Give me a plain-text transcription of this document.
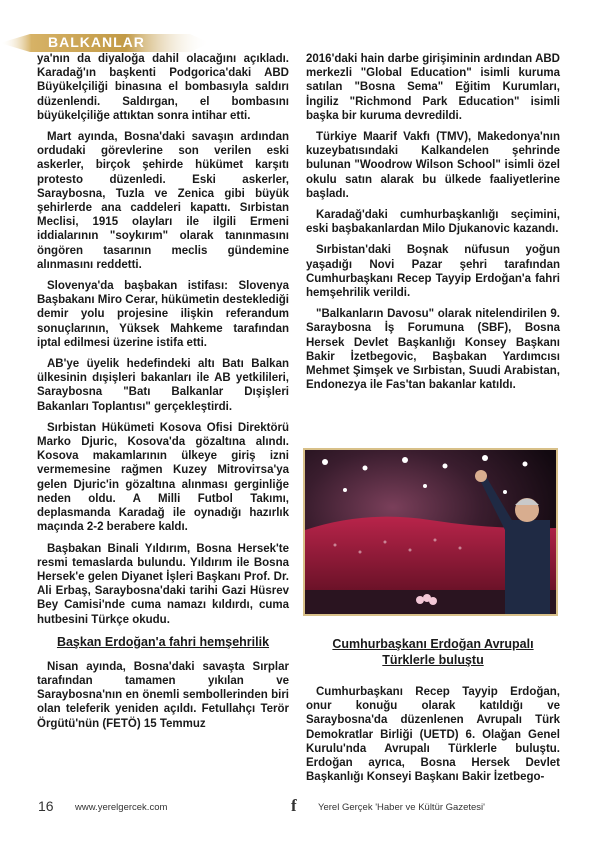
BALKANLAR

ya'nın da diyaloğa dahil olacağını açıkladı. Karadağ'ın başkenti Podgorica'daki ABD Büyükelçiliği binasına el bombasıyla saldırı düzenlendi. Saldırgan, el bombasını büyükelçiliğe attıktan sonra intihar etti.

Mart ayında, Bosna'daki savaşın ardından ordudaki görevlerine son verilen eski askerler, birçok şehirde hükümet karşıtı protesto düzenledi. Eski askerler, Saraybosna, Tuzla ve Zenica gibi büyük şehirlerde ana caddeleri kapattı. Sırbistan Meclisi, 1915 olayları ile ilgili Ermeni iddialarının "soykırım" olarak tanınmasını öngören tasarının meclis gündemine alınmasını reddetti.

Slovenya'da başbakan istifası: Slovenya Başbakanı Miro Cerar, hükümetin desteklediği demir yolu projesine ilişkin referandum sonuçlarının, Yüksek Mahkeme tarafından iptal edilmesi üzerine istifa etti.

AB'ye üyelik hedefindeki altı Batı Balkan ülkesinin dışişleri bakanları ile AB yetkilileri, Saraybosna "Batı Balkanlar Dışişleri Bakanları Toplantısı" gerçekleştirdi.

Sırbistan Hükümeti Kosova Ofisi Direktörü Marko Djuric, Kosova'da gözaltına alındı. Kosova makamlarının ülkeye giriş izni vermemesine rağmen Kuzey Mitroviтsa'ya gelen Djuric'in gözaltına alınması gerginliğe neden oldu. A Milli Futbol Takımı, deplasmanda Karadağ ile oynadığı hazırlık maçında 2-2 berabere kaldı.

Başbakan Binali Yıldırım, Bosna Hersek'te resmi temaslarda bulundu. Yıldırım ile Bosna Hersek'e gelen Diyanet İşleri Başkanı Prof. Dr. Ali Erbaş, Saraybosna'daki tarihi Gazi Hüsrev Bey Camisi'nde cuma namazı kıldırdı, cuma hutbesini Türkçe okudu.

Başkan Erdoğan'a fahri hemşehrilik

Nisan ayında, Bosna'daki savaşta Sırplar tarafından tamamen yıkılan ve Saraybosna'nın en önemli sembollerinden biri olan teleferik yeniden açıldı. Fetullahçı Terör Örgütü'nün (FETÖ) 15 Temmuz

2016'daki hain darbe girişiminin ardından ABD merkezli "Global Education" isimli kuruma satılan "Bosna Sema" Eğitim Kurumları, İngiliz "Richmond Park Education" isimli başka bir kuruma devredildi.

Türkiye Maarif Vakfı (TMV), Makedonya'nın kuzeybatısındaki Kalkandelen şehrinde bulunan "Woodrow Wilson School" isimli özel okulu satın alarak bu ülkede faaliyetlerine başladı.

Karadağ'daki cumhurbaşkanlığı seçimini, eski başbakanlardan Milo Djukanovic kazandı.

Sırbistan'daki Boşnak nüfusun yoğun yaşadığı Novi Pazar şehri tarafından Cumhurbaşkanı Recep Tayyip Erdoğan'a fahri hemşehrilik verildi.

"Balkanların Davosu" olarak nitelendirilen 9. Saraybosna İş Forumuna (SBF), Bosna Hersek Devlet Başkanlığı Konsey Başkanı Bakir İzetbegovic, Başbakan Yardımcısı Mehmet Şimşek ve Sırbistan, Suudi Arabistan, Endonezya ile Fas'tan bakanlar katıldı.

Cumhurbaşkanı Erdoğan Avrupalı Türklerle buluştu

Cumhurbaşkanı Recep Tayyip Erdoğan, onur konuğu olarak katıldığı ve Saraybosna'da düzenlenen Avrupalı Türk Demokratlar Birliği (UETD) 6. Olağan Genel Kurulu'nda Avrupalı Türklerle buluştu. Erdoğan ayrıca, Bosna Hersek Devlet Başkanlığı Konseyi Başkanı Bakir İzetbego-

16 www.yerelgercek.com	f Yerel Gerçek 'Haber ve Kültür Gazetesi'
